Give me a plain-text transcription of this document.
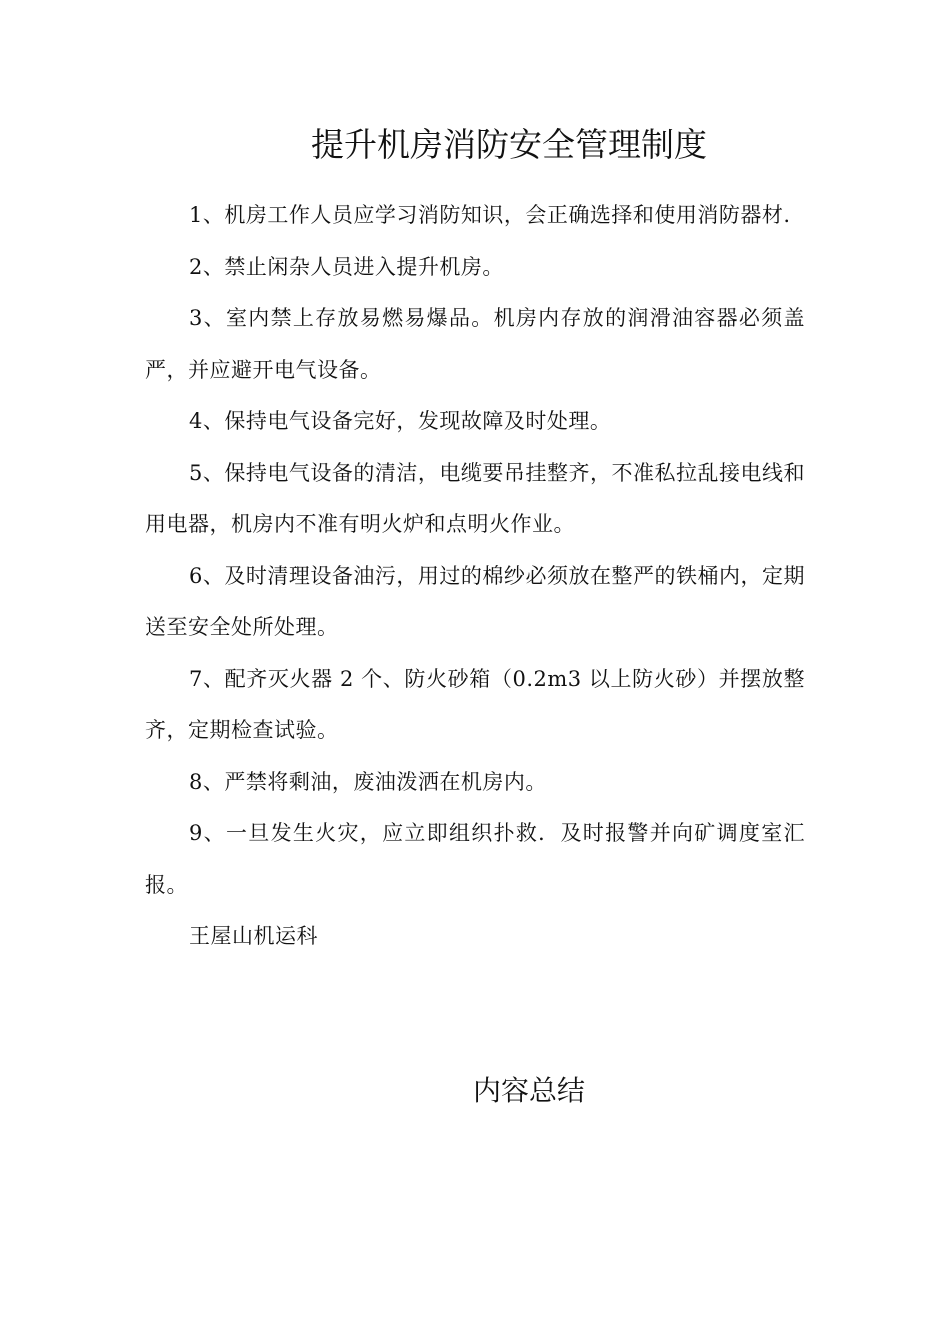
提升机房消防安全管理制度

1、机房工作人员应学习消防知识，会正确选择和使用消防器材.

2、禁止闲杂人员进入提升机房。

3、室内禁上存放易燃易爆品。机房内存放的润滑油容器必须盖严，并应避开电气设备。

4、保持电气设备完好，发现故障及时处理。

5、保持电气设备的清洁，电缆要吊挂整齐，不准私拉乱接电线和用电器，机房内不准有明火炉和点明火作业。

6、及时清理设备油污，用过的棉纱必须放在整严的铁桶内，定期送至安全处所处理。

7、配齐灭火器 2 个、防火砂箱（0.2m3 以上防火砂）并摆放整齐，定期检查试验。

8、严禁将剩油，废油泼洒在机房内。

9、一旦发生火灾，应立即组织扑救．及时报警并向矿调度室汇报。

王屋山机运科

内容总结
